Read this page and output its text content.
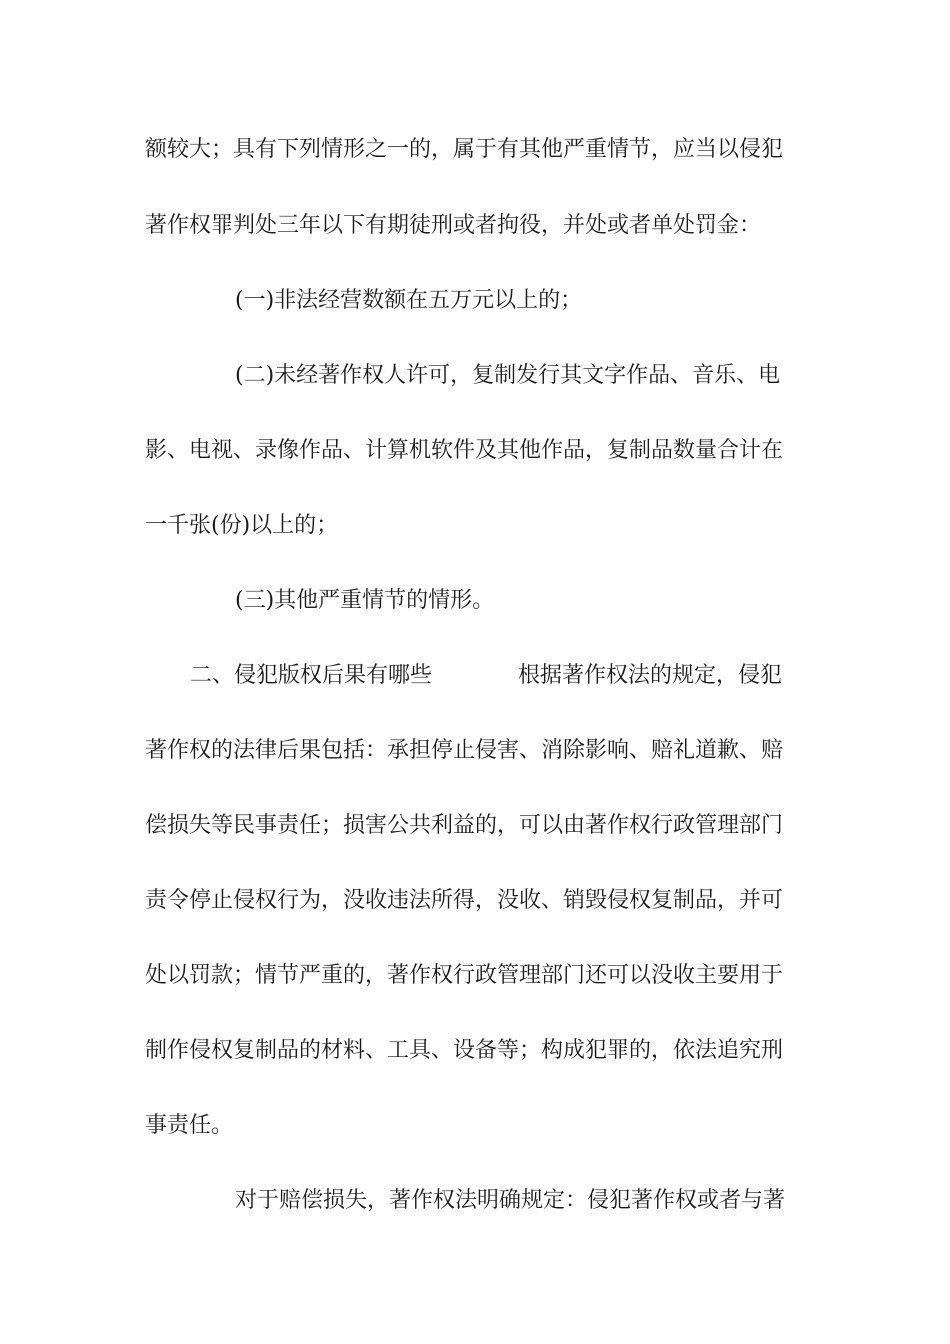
额较大；具有下列情形之一的，属于有其他严重情节，应当以侵犯
著作权罪判处三年以下有期徒刑或者拘役，并处或者单处罚金：
(一)非法经营数额在五万元以上的；
(二)未经著作权人许可，复制发行其文字作品、音乐、电
影、电视、录像作品、计算机软件及其他作品，复制品数量合计在
一千张(份)以上的；
(三)其他严重情节的情形。
二、侵犯版权后果有哪些	根据著作权法的规定，侵犯
著作权的法律后果包括：承担停止侵害、消除影响、赔礼道歉、赔
偿损失等民事责任；损害公共利益的，可以由著作权行政管理部门
责令停止侵权行为，没收违法所得，没收、销毁侵权复制品，并可
处以罚款；情节严重的，著作权行政管理部门还可以没收主要用于
制作侵权复制品的材料、工具、设备等；构成犯罪的，依法追究刑
事责任。
对于赔偿损失，著作权法明确规定：侵犯著作权或者与著
